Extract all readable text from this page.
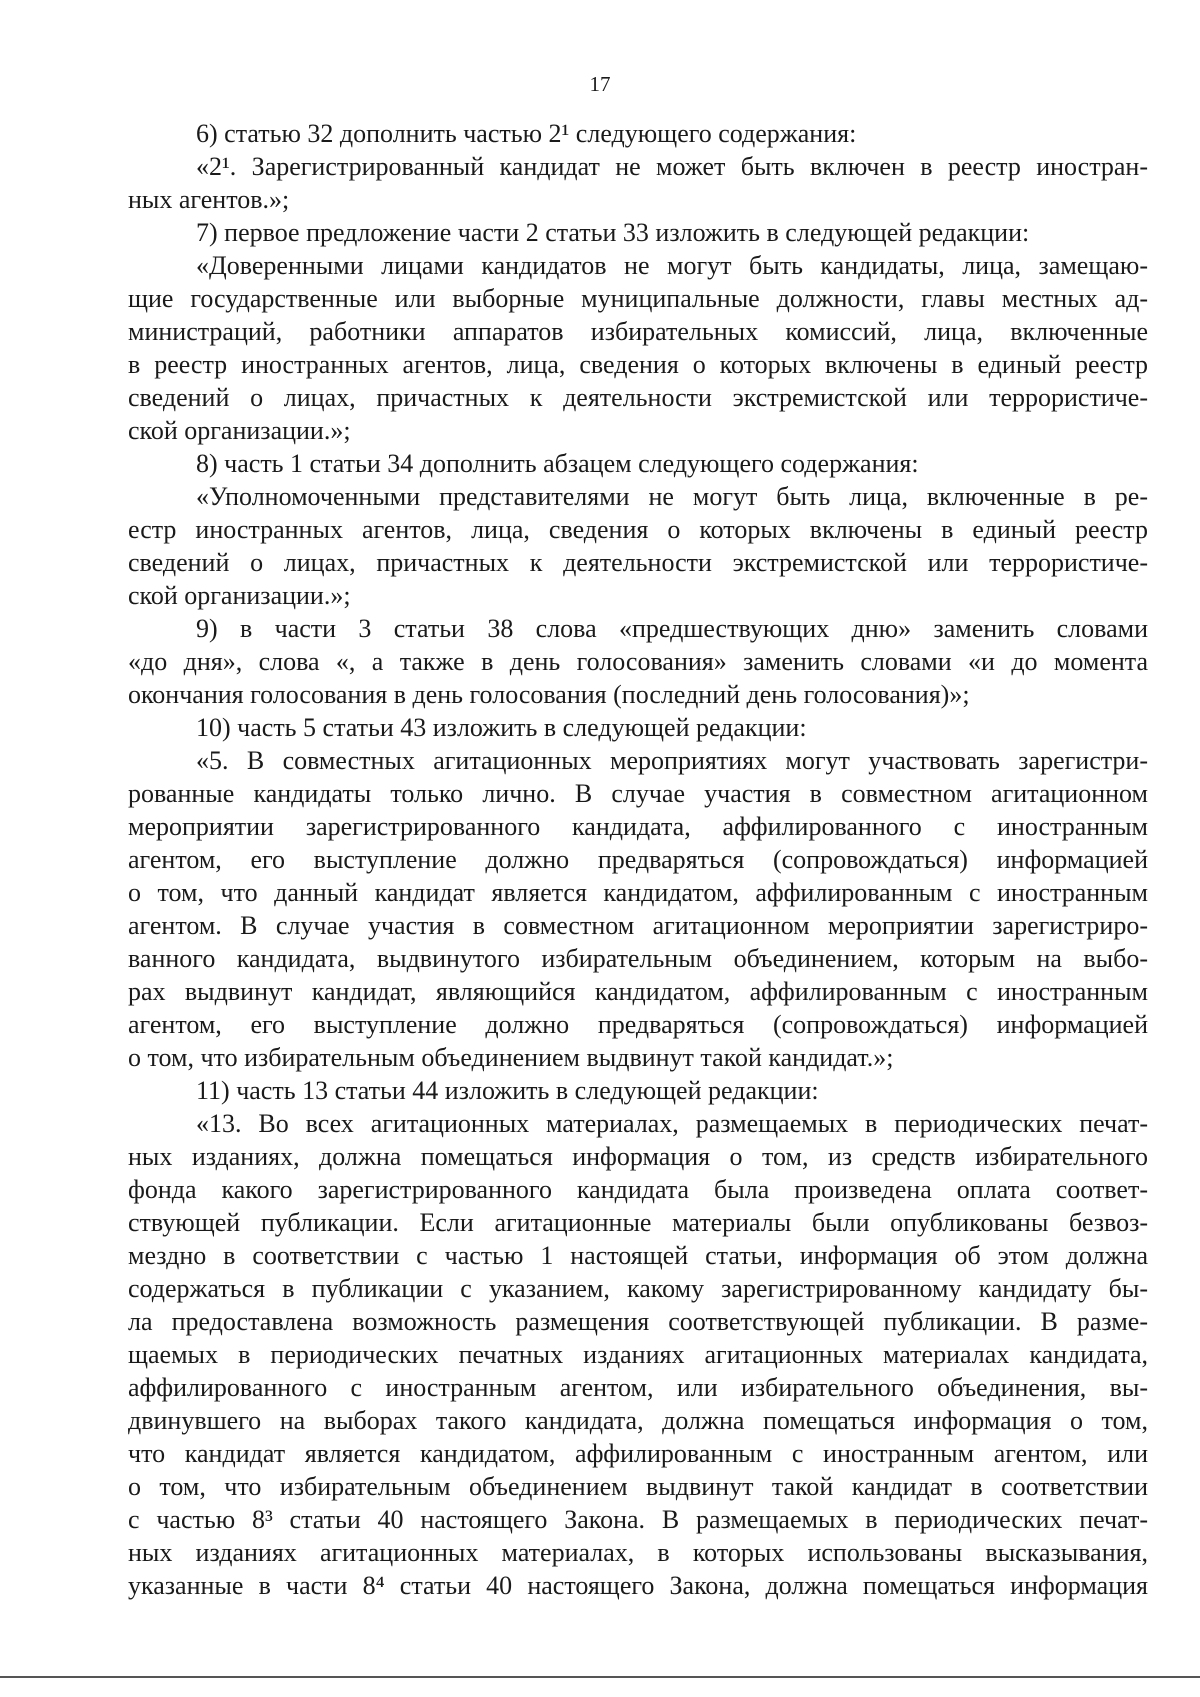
17

6) статью 32 дополнить частью 2¹ следующего содержания:

«2¹. Зарегистрированный кандидат не может быть включен в реестр иностран-

ных агентов.»;

7) первое предложение части 2 статьи 33 изложить в следующей редакции:

«Доверенными лицами кандидатов не могут быть кандидаты, лица, замещаю-

щие государственные или выборные муниципальные должности, главы местных ад-

министраций, работники аппаратов избирательных комиссий, лица, включенные

в реестр иностранных агентов, лица, сведения о которых включены в единый реестр

сведений о лицах, причастных к деятельности экстремистской или террористиче-

ской организации.»;

8) часть 1 статьи 34 дополнить абзацем следующего содержания:

«Уполномоченными представителями не могут быть лица, включенные в ре-

естр иностранных агентов, лица, сведения о которых включены в единый реестр

сведений о лицах, причастных к деятельности экстремистской или террористиче-

ской организации.»;

9) в части 3 статьи 38 слова «предшествующих дню» заменить словами

«до дня», слова «, а также в день голосования» заменить словами «и до момента

окончания голосования в день голосования (последний день голосования)»;

10) часть 5 статьи 43 изложить в следующей редакции:

«5. В совместных агитационных мероприятиях могут участвовать зарегистри-

рованные кандидаты только лично. В случае участия в совместном агитационном

мероприятии зарегистрированного кандидата, аффилированного с иностранным

агентом, его выступление должно предваряться (сопровождаться) информацией

о том, что данный кандидат является кандидатом, аффилированным с иностранным

агентом. В случае участия в совместном агитационном мероприятии зарегистриро-

ванного кандидата, выдвинутого избирательным объединением, которым на выбо-

рах выдвинут кандидат, являющийся кандидатом, аффилированным с иностранным

агентом, его выступление должно предваряться (сопровождаться) информацией

о том, что избирательным объединением выдвинут такой кандидат.»;

11) часть 13 статьи 44 изложить в следующей редакции:

«13. Во всех агитационных материалах, размещаемых в периодических печат-

ных изданиях, должна помещаться информация о том, из средств избирательного

фонда какого зарегистрированного кандидата была произведена оплата соответ-

ствующей публикации. Если агитационные материалы были опубликованы безвоз-

мездно в соответствии с частью 1 настоящей статьи, информация об этом должна

содержаться в публикации с указанием, какому зарегистрированному кандидату бы-

ла предоставлена возможность размещения соответствующей публикации. В разме-

щаемых в периодических печатных изданиях агитационных материалах кандидата,

аффилированного с иностранным агентом, или избирательного объединения, вы-

двинувшего на выборах такого кандидата, должна помещаться информация о том,

что кандидат является кандидатом, аффилированным с иностранным агентом, или

о том, что избирательным объединением выдвинут такой кандидат в соответствии

с частью 8³ статьи 40 настоящего Закона. В размещаемых в периодических печат-

ных изданиях агитационных материалах, в которых использованы высказывания,

указанные в части 8⁴ статьи 40 настоящего Закона, должна помещаться информация
